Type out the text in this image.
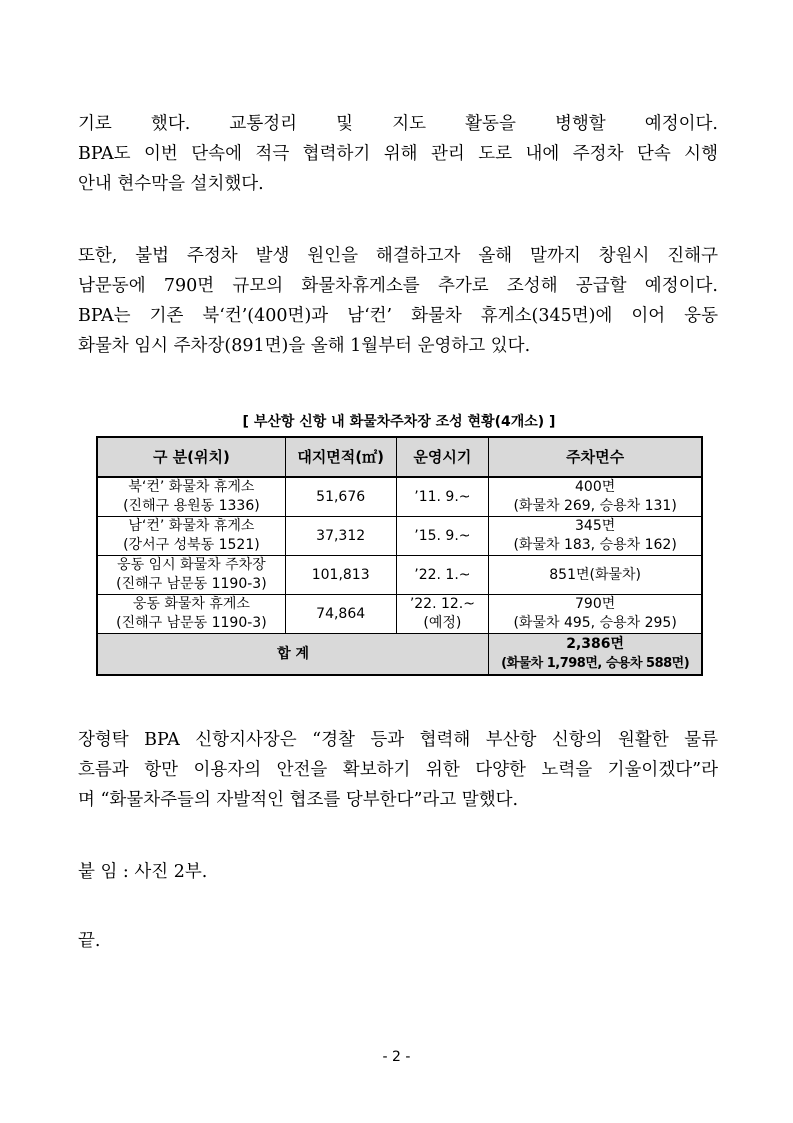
기로 했다. 교통정리 및 지도 활동을 병행할 예정이다.
BPA도 이번 단속에 적극 협력하기 위해 관리 도로 내에 주정차 단속 시행
안내 현수막을 설치했다.
또한, 불법 주정차 발생 원인을 해결하고자 올해 말까지 창원시 진해구
남문동에 790면 규모의 화물차휴게소를 추가로 조성해 공급할 예정이다.
BPA는 기존 북‘컨’(400면)과 남‘컨’ 화물차 휴게소(345면)에 이어 웅동
화물차 임시 주차장(891면)을 올해 1월부터 운영하고 있다.
[ 부산항 신항 내 화물차주차장 조성 현황(4개소) ]
구 분(위치)	대지면적(㎡)	운영시기	주차면수

북‘컨’ 화물차 휴게소
(진해구 용원동 1336)	51,676	’11. 9.~	400면
(화물차 269, 승용차 131)

남‘컨’ 화물차 휴게소
(강서구 성북동 1521)	37,312	’15. 9.~	345면
(화물차 183, 승용차 162)

웅동 임시 화물차 주차장
(진해구 남문동 1190-3)	101,813	’22. 1.~	851면(화물차)

웅동 화물차 휴게소
(진해구 남문동 1190-3)	74,864	’22. 12.~
(예정)	790면
(화물차 495, 승용차 295)

합 계			2,386면
(화물차 1,798면, 승용차 588면)
장형탁 BPA 신항지사장은 “경찰 등과 협력해 부산항 신항의 원활한 물류
흐름과 항만 이용자의 안전을 확보하기 위한 다양한 노력을 기울이겠다”라
며 “화물차주들의 자발적인 협조를 당부한다”라고 말했다.
붙 임 : 사진 2부.
끝.
- 2 -
